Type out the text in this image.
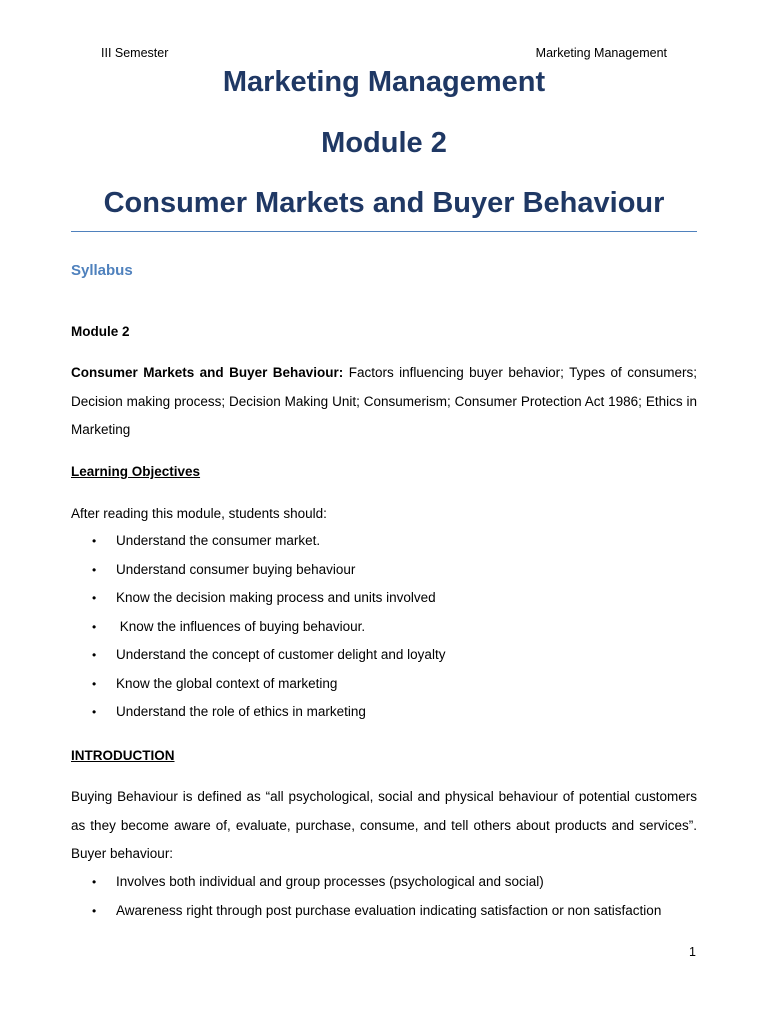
III Semester	Marketing Management
Marketing Management
Module 2
Consumer Markets and Buyer Behaviour
Syllabus
Module 2
Consumer Markets and Buyer Behaviour: Factors influencing buyer behavior; Types of consumers; Decision making process; Decision Making Unit; Consumerism; Consumer Protection Act 1986; Ethics in Marketing
Learning Objectives
After reading this module, students should:
• Understand the consumer market.
• Understand consumer buying behaviour
• Know the decision making process and units involved
• Know the influences of buying behaviour.
• Understand the concept of customer delight and loyalty
• Know the global context of marketing
• Understand the role of ethics in marketing
INTRODUCTION
Buying Behaviour is defined as “all psychological, social and physical behaviour of potential customers as they become aware of, evaluate, purchase, consume, and tell others about products and services”. Buyer behaviour:
• Involves both individual and group processes (psychological and social)
• Awareness right through post purchase evaluation indicating satisfaction or non satisfaction
1
